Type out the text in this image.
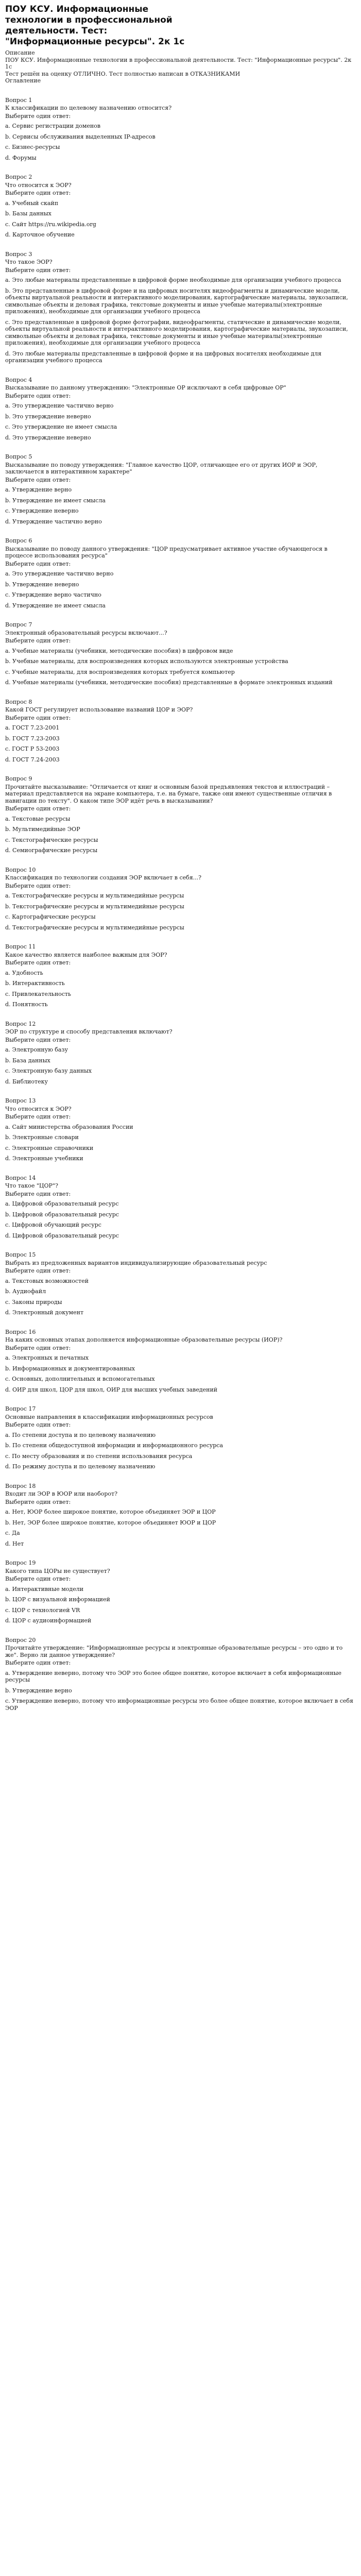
ПОУ КСУ. Информационные технологии в профессиональной деятельности. Тест: "Информационные ресурсы". 2к 1с

Описание

ПОУ КСУ. Информационные технологии в профессиональной деятельности. Тест: "Информационные ресурсы". 2к 1с

Тест решён на оценку ОТЛИЧНО. Тест полностью написан в ОТКАЗНИКАМИ

Оглавление

Вопрос 1

К классификации по целевому назначению относится?

Выберите один ответ:

a. Сервис регистрации доменов

b. Сервисы обслуживания выделенных IP-адресов

c. Бизнес-ресурсы

d. Форумы

Вопрос 2

Что относится к ЭОР?

Выберите один ответ:

a. Учебный скайп

b. Базы данных

c. Сайт https://ru.wikipedia.org

d. Карточное обучение

Вопрос 3

Что такое ЭОР?

Выберите один ответ:

a. Это любые материалы представленные в цифровой форме необходимые для организации учебного процесса

b. Это представленные в цифровой форме и на цифровых носителях видеофрагменты и динамические модели, объекты виртуальной реальности и интерактивного моделирования, картографические материалы, звукозаписи, символьные объекты и деловая графика, текстовые документы и иные учебные материалы(электронные приложения), необходимые для организации учебного процесса

c. Это представленные в цифровой форме фотографии, видеофрагменты, статические и динамические модели, объекты виртуальной реальности и интерактивного моделирования, картографические материалы, звукозаписи, символьные объекты и деловая графика, текстовые документы и иные учебные материалы(электронные приложения), необходимые для организации учебного процесса

d. Это любые материалы представленные в цифровой форме и на цифровых носителях необходимые для организации учебного процесса

Вопрос 4

Высказывание по данному утверждению: "Электронные ОР исключают в себя цифровые ОР"

Выберите один ответ:

a. Это утверждение частично верно

b. Это утверждение неверно

c. Это утверждение не имеет смысла

d. Это утверждение неверно

Вопрос 5

Высказывание по поводу утверждения: "Главное качество ЦОР, отличающее его от других ИОР и ЭОР, заключается в интерактивном характере"

Выберите один ответ:

a. Утверждение верно

b. Утверждение не имеет смысла

c. Утверждение неверно

d. Утверждение частично верно

Вопрос 6

Высказывание по поводу данного утверждения: "ЦОР предусматривает активное участие обучающегося в процессе использования ресурса"

Выберите один ответ:

a. Это утверждение частично верно

b. Утверждение неверно

c. Утверждение верно частично

d. Утверждение не имеет смысла

Вопрос 7

Электронный образовательный ресурсы включают...?

Выберите один ответ:

a. Учебные материалы (учебники, методические пособия) в цифровом виде

b. Учебные материалы, для воспроизведения которых используются электронные устройства

c. Учебные материалы, для воспроизведения которых требуется компьютер

d. Учебные материалы (учебники, методические пособия) представленные в формате электронных изданий

Вопрос 8

Какой ГОСТ регулирует использование названий ЦОР и ЭОР?

Выберите один ответ:

a. ГОСТ 7.23-2001

b. ГОСТ 7.23-2003

c. ГОСТ Р 53-2003

d. ГОСТ 7.24-2003

Вопрос 9

Прочитайте высказывание: "Отличается от книг и основным базой предъявления текстов и иллюстраций – материал представляется на экране компьютера, т.е. на бумаге, также они имеют существенные отличия в навигации по тексту". О каком типе ЭОР идёт речь в высказывании?

Выберите один ответ:

a. Текстовые ресурсы

b. Мультимедийные ЭОР

c. Текстографические ресурсы

d. Семиографические ресурсы

Вопрос 10

Классификация по технологии создания ЭОР включает в себя...?

Выберите один ответ:

a. Текстографические ресурсы и мультимедийные ресурсы

b. Текстографические ресурсы и мультимедийные ресурсы

c. Картографические ресурсы

d. Текстографические ресурсы и мультимедийные ресурсы

Вопрос 11

Какое качество является наиболее важным для ЭОР?

Выберите один ответ:

a. Удобность

b. Интерактивность

c. Привлекательность

d. Понятность

Вопрос 12

ЭОР по структуре и способу представления включают?

Выберите один ответ:

a. Электронную базу

b. База данных

c. Электронную базу данных

d. Библиотеку

Вопрос 13

Что относится к ЭОР?

Выберите один ответ:

a. Сайт министерства образования России

b. Электронные словари

c. Электронные справочники

d. Электронные учебники

Вопрос 14

Что такое "ЦОР"?

Выберите один ответ:

a. Цифровой образовательный ресурс

b. Цифровой образовательный ресурс

c. Цифровой обучающий ресурс

d. Цифровой образовательный ресурс

Вопрос 15

Выбрать из предложенных вариантов индивидуализирующие образовательный ресурс

Выберите один ответ:

a. Текстовых возможностей

b. Аудиофайл

c. Законы природы

d. Электронный документ

Вопрос 16

На каких основных этапах дополняется информационные образовательные ресурсы (ИОР)?

Выберите один ответ:

a. Электронных и печатных

b. Информационных и документированных

c. Основных, дополнительных и вспомогательных

d. ОИР для школ, ЦОР для школ, ОИР для высших учебных заведений

Вопрос 17

Основные направления в классификации информационных ресурсов

Выберите один ответ:

a. По степени доступа и по целевому назначению

b. По степени общедоступной информации и информационного ресурса

c. По месту образования и по степени использования ресурса

d. По режиму доступа и по целевому назначению

Вопрос 18

Входит ли ЭОР в ЮОР или наоборот?

Выберите один ответ:

a. Нет, ЮОР более широкое понятие, которое объединяет ЭОР и ЦОР

b. Нет, ЭОР более широкое понятие, которое объединяет ЮОР и ЦОР

c. Да

d. Нет

Вопрос 19

Какого типа ЦОРы не существует?

Выберите один ответ:

a. Интерактивные модели

b. ЦОР с визуальной информацией

c. ЦОР с технологией VR

d. ЦОР с аудиоинформацией

Вопрос 20

Прочитайте утверждение: "Информационные ресурсы и электронные образовательные ресурсы – это одно и то же". Верно ли данное утверждение?

Выберите один ответ:

a. Утверждение неверно, потому что ЭОР это более общее понятие, которое включает в себя информационные ресурсы

b. Утверждение верно

c. Утверждение неверно, потому что информационные ресурсы это более общее понятие, которое включает в себя ЭОР
